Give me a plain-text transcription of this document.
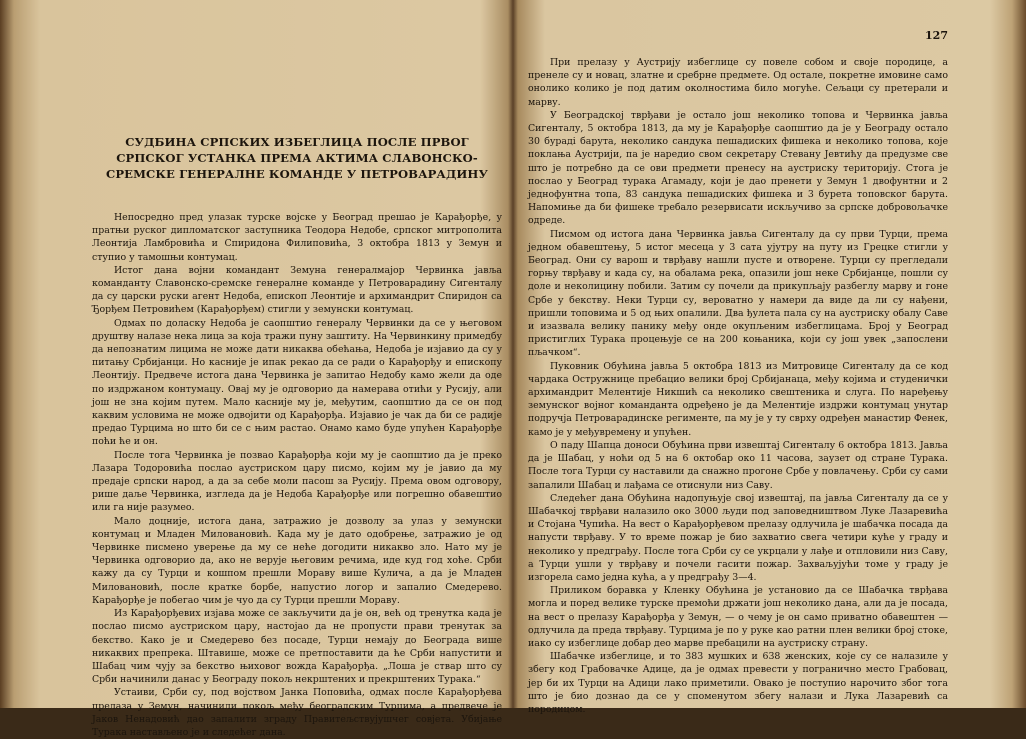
СУДБИНА СРПСКИХ ИЗБЕГЛИЦА ПОСЛЕ ПРВОГ СРПСКОГ УСТАНКА ПРЕМА АКТИМА СЛАВОНСКО-СРЕМСКЕ ГЕНЕРАЛНЕ КОМАНДЕ У ПЕТРОВАРАДИНУ

Непосредно пред улазак турске војске у Београд прешао је Карађорђе, у пратњи руског дипломатског заступника Теодора Недобе, српског митрополита Леонтија Ламбровића и Спиридона Филиповића, 3 октобра 1813 у Земун и ступио у тамошњи контумац.

Истог дана војни командант Земуна генералмајор Червинка јавља команданту Славонско-сремске генералне команде у Петроварадину Сигенталу да су царски руски агент Недоба, епископ Леонтије и архимандрит Спиридон са Ђорђем Петровићем (Карађорђем) стигли у земунски контумац.

Одмах по доласку Недоба је саопштио генералу Червинки да се у његовом друштву налазе нека лица за која тражи пуну заштиту. На Червинкину примедбу да непознатим лицима не може дати никаква обећања, Недоба је изјавио да су у питању Србијанци. Но касније је ипак рекао да се ради о Карађорђу и епископу Леонтију. Предвече истога дана Червинка је запитао Недобу камо жели да оде по издржаном контумацу. Овај му је одговорио да намерава отићи у Русију, али још не зна којим путем. Мало касније му је, међутим, саопштио да се он под каквим условима не може одвојити од Карађорђа. Изјавио је чак да би се радије предао Турцима но што би се с њим растао. Онамо камо буде упућен Карађорђе поћи ће и он.

После тога Червинка је позвао Карађорђа који му је саопштио да је преко Лазара Тодоровића послао аустриском цару писмо, којим му је јавио да му предаје српски народ, а да за себе моли пасош за Русију. Према овом одговору, рише даље Червинка, изгледа да је Недоба Карађорђе или погрешно обавештио или га није разумео.

Мало доцније, истога дана, затражио је дозволу за улаз у земунски контумац и Младен Миловановић. Када му је дато одобрење, затражио је од Червинке писмено уверење да му се неће догодити никакво зло. Нато му је Червинка одговорио да, ако не верује његовим речима, иде куд год хоће. Срби кажу да су Турци и кошпом прешли Мораву више Кулича, а да је Младен Миловановић, после кратке борбе, напустио логор и запалио Смедерево. Карађорђе је побегао чим је чуо да су Турци прешли Мораву.

Из Карађорђевих изјава може се закључити да је он, већ од тренутка када је послао писмо аустриском цару, настојао да не пропусти прави тренутак за бекство. Како је и Смедерево без посаде, Турци немају до Београда више никаквих препрека. Штавише, може се претпоставити да ће Срби напустити и Шабац чим чују за бекство њиховог вожда Карађорђа. „Лоша је ствар што су Срби начинили данас у Београду покољ некрштених и прекрштених Турака.“

Устаиви, Срби су, под војством Јанка Поповића, одмах после Карађорђева прелаза у Земун, начинили покољ међу београдским Турцима, а предвече је Јаков Ненадовић дао запалити зграду Правитељствујушчег совјета. Убијање Турака настављено је и следећег дана.

127

При прелазу у Аустрију избеглице су повеле собом и своје породице, а пренеле су и новац, златне и сребрне предмете. Од осталe, покретне имовине само онолико колико је под датим околностима било могуће. Сељаци су претерали и марву.

У Београдској тврђави је остало још неколико топова и Червинка јавља Сигенталу, 5 октобра 1813, да му је Карађорђе саопштио да је у Београду остало 30 бурадi барута, неколико сандука пешадиских фишека и неколико топова, које поклања Аустрији, па је наредио свом секретару Стевану Јевтићу да предузме све што је потребно да се ови предмети пренесу на аустриску територију. Стога је послао у Београд турака Агамаду, који је дао пренети у Земун 1 двофунтни и 2 једнофунтна топа, 83 сандука пешадиских фишека и 3 бурета топовског барута. Напомиње да би фишеке требало резервисати искључиво за српске добровољачке одреде.

Писмом од истога дана Червинка јавља Сигенталу да су први Турци, према једном обавештењу, 5 истог месеца у 3 сата ујутру на путу из Грецке стигли у Београд. Они су варош и тврђаву нашли пусте и отворене. Турци су прегледали горњу тврђаву и када су, на обалама река, опазили још неке Србијанце, пошли су доле и неколицину побили. Затим су почели да прикупљају разбеглу марву и гоне Србе у бекству. Неки Турци су, вероватно у намери да виде да ли су нађени, пришли топовима и 5 од њих опалили. Два ђулета пала су на аустриску обалу Саве и изазвала велику панику међу онде окупљеним избеглицама. Број у Београд пристиглих Турака процењује се на 200 коњаника, који су још увек „запослени пљачком“.

Пуковник Обућина јавља 5 октобра 1813 из Митровице Сигенталу да се код чардака Остружнице пребацио велики број Србијанаца, међу којима и студенички архимандрит Мелентије Никшић са неколико свештеника и слуга. По наређењу земунског војног команданта одређено је да Мелентије издржи контумац унутар подручја Петроварадинске регименте, па му је у ту сврху одређен манастир Фенек, камо је у међувремену и упућен.

О паду Шапца доноси Обућина први извештај Сигенталу 6 октобра 1813. Јавља да је Шабац, у ноћи од 5 на 6 октобар око 11 часова, заузет од стране Турака. После тога Турци су наставили да снажно прогоне Србе у повлачењу. Срби су сами запалили Шабац и лађама се отиснули низ Саву.

Следећег дана Обућина надопуњује свој извештај, па јавља Сигенталу да се у Шабачкој тврђави налазило око 3000 људи под заповедништвом Луке Лазаревића и Стојана Чупића. На вест о Карађорђевом прелазу одлучила је шабачка посада да напусти тврђаву. У то време пожар је био захватио свега четири куће у граду и неколико у предграђу. После тога Срби су се укрцали у лађе и отпловили низ Саву, а Турци ушли у тврђаву и почели гасити пожар. Захваљујући томе у граду је изгорела само једна кућа, а у предграђу 3—4.

Приликом боравка у Кленку Обућина је установио да се Шабачка тврђава могла и поред велике турске премоћи држати још неколико дана, али да је посада, на вест о прелазу Карађорђа у Земун, — о чему је он само приватно обавештен — одлучила да преда тврђаву. Турцима је по у руке као ратни плен велики број стоке, иако су избеглице добар део марве пребацили на аустриску страну.

Шабачке избеглице, и то 383 мушких и 638 женских, које су се налазиле у збегу код Грабовачке Адице, да је одмах превести у погранично место Грабовац, јер би их Турци на Адици лако приметили. Овако је поступио нарочито због тога што је био дознао да се у споменутом збегу налази и Лука Лазаревић са породицом.
